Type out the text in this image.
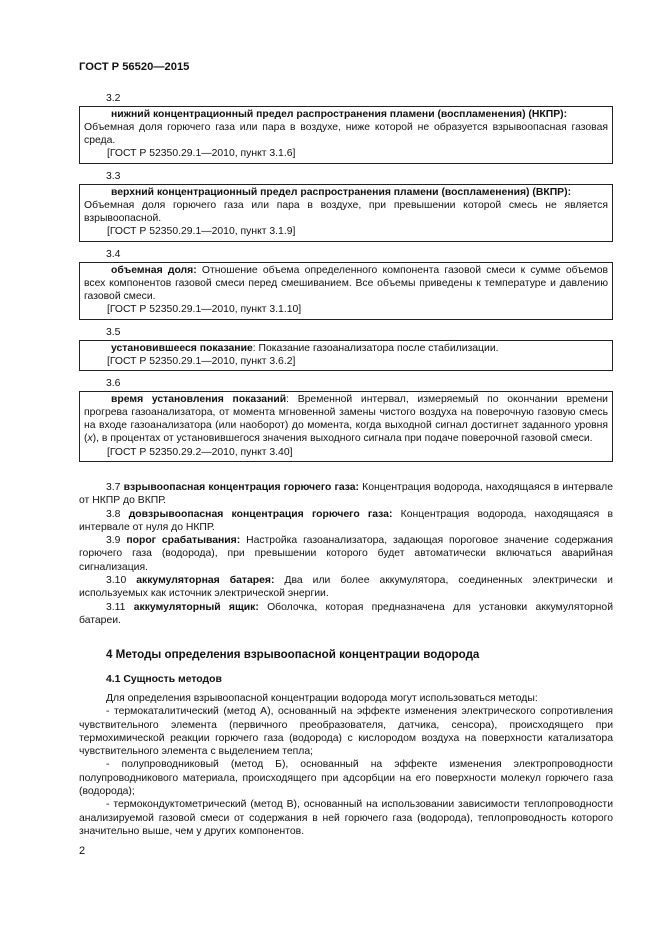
ГОСТ Р 56520—2015
3.2
нижний концентрационный предел распространения пламени (воспламенения) (НКПР):
Объемная доля горючего газа или пара в воздухе, ниже которой не образуется взрывоопасная газовая среда.
[ГОСТ Р 52350.29.1—2010, пункт 3.1.6]
3.3
верхний концентрационный предел распространения пламени (воспламенения) (ВКПР):
Объемная доля горючего газа или пара в воздухе, при превышении которой смесь не является взрывоопасной.
[ГОСТ Р 52350.29.1—2010, пункт 3.1.9]
3.4
объемная доля: Отношение объема определенного компонента газовой смеси к сумме объемов всех компонентов газовой смеси перед смешиванием. Все объемы приведены к температуре и давлению газовой смеси.
[ГОСТ Р 52350.29.1—2010, пункт 3.1.10]
3.5
установившееся показание: Показание газоанализатора после стабилизации.
[ГОСТ Р 52350.29.1—2010, пункт 3.6.2]
3.6
время установления показаний: Временной интервал, измеряемый по окончании времени прогрева газоанализатора, от момента мгновенной замены чистого воздуха на поверочную газовую смесь на входе газоанализатора (или наоборот) до момента, когда выходной сигнал достигнет заданного уровня (x), в процентах от установившегося значения выходного сигнала при подаче поверочной газовой смеси.
[ГОСТ Р 52350.29.2—2010, пункт 3.40]

3.7 взрывоопасная концентрация горючего газа: Концентрация водорода, находящаяся в интервале от НКПР до ВКПР.

3.8 довзрывоопасная концентрация горючего газа: Концентрация водорода, находящаяся в интервале от нуля до НКПР.

3.9 порог срабатывания: Настройка газоанализатора, задающая пороговое значение содержания горючего газа (водорода), при превышении которого будет автоматически включаться аварийная сигнализация.

3.10 аккумуляторная батарея: Два или более аккумулятора, соединенных электрически и используемых как источник электрической энергии.

3.11 аккумуляторный ящик: Оболочка, которая предназначена для установки аккумуляторной батареи.

4 Методы определения взрывоопасной концентрации водорода
4.1 Сущность методов

Для определения взрывоопасной концентрации водорода могут использоваться методы:

- термокаталитический (метод А), основанный на эффекте изменения электрического сопротивления чувствительного элемента (первичного преобразователя, датчика, сенсора), происходящего при термохимической реакции горючего газа (водорода) с кислородом воздуха на поверхности катализатора чувствительного элемента с выделением тепла;

- полупроводниковый (метод Б), основанный на эффекте изменения электропроводности полупроводникового материала, происходящего при адсорбции на его поверхности молекул горючего газа (водорода);

- термокондуктометрический (метод В), основанный на использовании зависимости теплопроводности анализируемой газовой смеси от содержания в ней горючего газа (водорода), теплопроводность которого значительно выше, чем у других компонентов.

2
